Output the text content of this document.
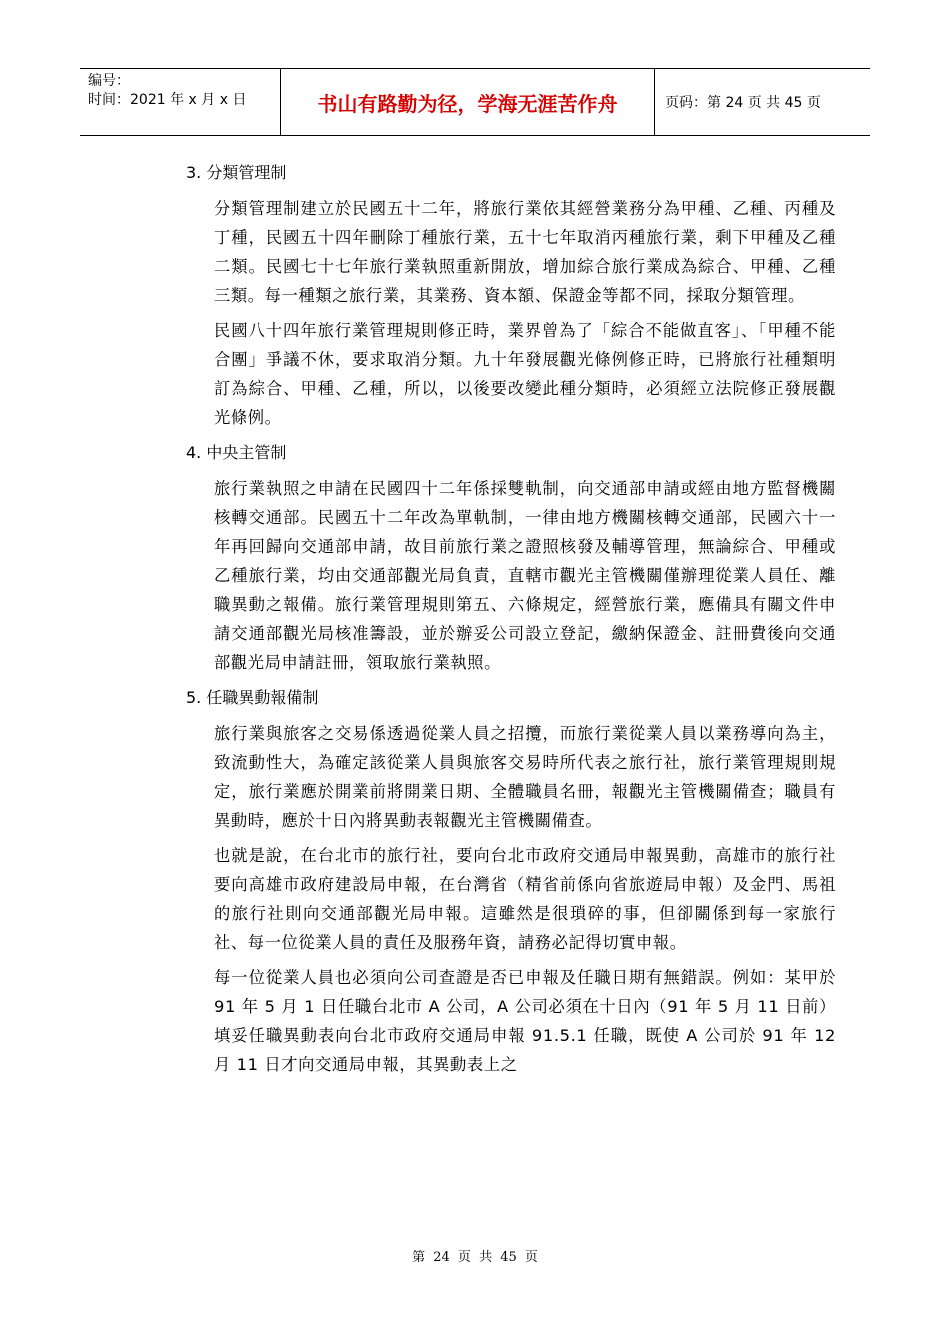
编号：
时间：2021 年 x 月 x 日	书山有路勤为径，学海无涯苦作舟	页码：第 24 页 共 45 页
3. 分類管理制

分類管理制建立於民國五十二年，將旅行業依其經營業務分為甲種、乙種、丙種及丁種，民國五十四年刪除丁種旅行業，五十七年取消丙種旅行業，剩下甲種及乙種二類。民國七十七年旅行業執照重新開放，增加綜合旅行業成為綜合、甲種、乙種三類。每一種類之旅行業，其業務、資本額、保證金等都不同，採取分類管理。

民國八十四年旅行業管理規則修正時，業界曾為了「綜合不能做直客」、「甲種不能合團」爭議不休，要求取消分類。九十年發展觀光條例修正時，已將旅行社種類明訂為綜合、甲種、乙種，所以，以後要改變此種分類時，必須經立法院修正發展觀光條例。

4. 中央主管制

旅行業執照之申請在民國四十二年係採雙軌制，向交通部申請或經由地方監督機關核轉交通部。民國五十二年改為單軌制，一律由地方機關核轉交通部，民國六十一年再回歸向交通部申請，故目前旅行業之證照核發及輔導管理，無論綜合、甲種或乙種旅行業，均由交通部觀光局負責，直轄市觀光主管機關僅辦理從業人員任、離職異動之報備。旅行業管理規則第五、六條規定，經營旅行業，應備具有關文件申請交通部觀光局核准籌設，並於辦妥公司設立登記，繳納保證金、註冊費後向交通部觀光局申請註冊，領取旅行業執照。

5. 任職異動報備制

旅行業與旅客之交易係透過從業人員之招攬，而旅行業從業人員以業務導向為主，致流動性大，為確定該從業人員與旅客交易時所代表之旅行社，旅行業管理規則規定，旅行業應於開業前將開業日期、全體職員名冊，報觀光主管機關備查；職員有異動時，應於十日內將異動表報觀光主管機關備查。

也就是說，在台北市的旅行社，要向台北市政府交通局申報異動，高雄市的旅行社要向高雄市政府建設局申報，在台灣省（精省前係向省旅遊局申報）及金門、馬祖的旅行社則向交通部觀光局申報。這雖然是很瑣碎的事，但卻關係到每一家旅行社、每一位從業人員的責任及服務年資，請務必記得切實申報。

每一位從業人員也必須向公司查證是否已申報及任職日期有無錯誤。例如：某甲於 91 年 5 月 1 日任職台北市 A 公司，A 公司必須在十日內（91 年 5 月 11 日前）填妥任職異動表向台北市政府交通局申報 91.5.1 任職，既使 A 公司於 91 年 12 月 11 日才向交通局申報，其異動表上之

第 24 页 共 45 页
